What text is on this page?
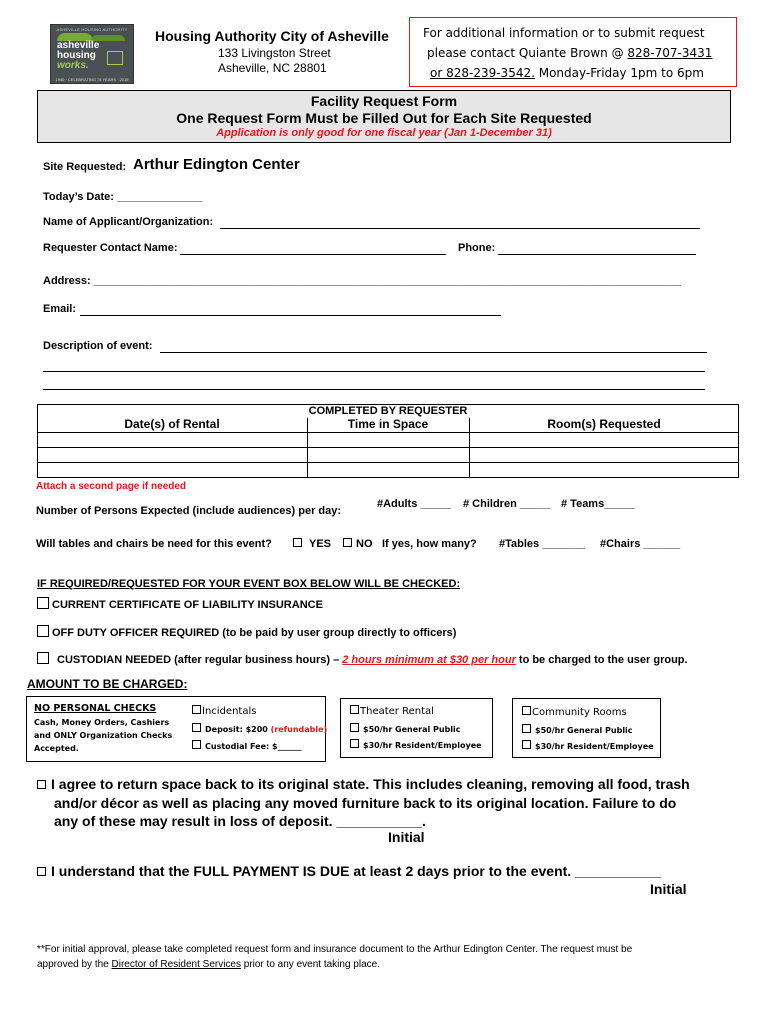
ASHEVILLE HOUSING AUTHORITY
asheville
housing
works.
1940 · CELEBRATING 75 YEARS · 2015
Housing Authority City of Asheville
133 Livingston Street
Asheville, NC 28801
For additional information or to submit request
please contact Quiante Brown @ 828-707-3431
or 828-239-3542. Monday-Friday 1pm to 6pm
Facility Request Form
One Request Form Must be Filled Out for Each Site Requested
Application is only good for one fiscal year (Jan 1-December 31)
Site Requested: Arthur Edington Center
Today’s Date: ______________
Name of Applicant/Organization:
Requester Contact Name:	Phone:
Address: ________________________________________________________________________________________________
Email:
Description of event:
COMPLETED BY REQUESTER
Date(s) of Rental	Time in Space	Room(s) Requested
Attach a second page if needed
Number of Persons Expected (include audiences) per day:
#Adults _____ # Children _____ # Teams_____
Will tables and chairs be need for this event?	YES	NO If yes, how many? #Tables _______ #Chairs ______
IF REQUIRED/REQUESTED FOR YOUR EVENT BOX BELOW WILL BE CHECKED:
CURRENT CERTIFICATE OF LIABILITY INSURANCE
OFF DUTY OFFICER REQUIRED (to be paid by user group directly to officers)
CUSTODIAN NEEDED (after regular business hours) – 2 hours minimum at $30 per hour to be charged to the user group.
AMOUNT TO BE CHARGED:
NO PERSONAL CHECKS
Cash, Money Orders, Cashiers
and ONLY Organization Checks
Accepted.
Incidentals
Deposit: $200 (refundable)
Custodial Fee: $______
Theater Rental
$50/hr General Public
$30/hr Resident/Employee
Community Rooms
$50/hr General Public
$30/hr Resident/Employee
I agree to return space back to its original state. This includes cleaning, removing all food, trash
and/or décor as well as placing any moved furniture back to its original location. Failure to do
any of these may result in loss of deposit. ___________.
Initial
I understand that the FULL PAYMENT IS DUE at least 2 days prior to the event. ___________
Initial
**For initial approval, please take completed request form and insurance document to the Arthur Edington Center. The request must be
approved by the Director of Resident Services prior to any event taking place.
